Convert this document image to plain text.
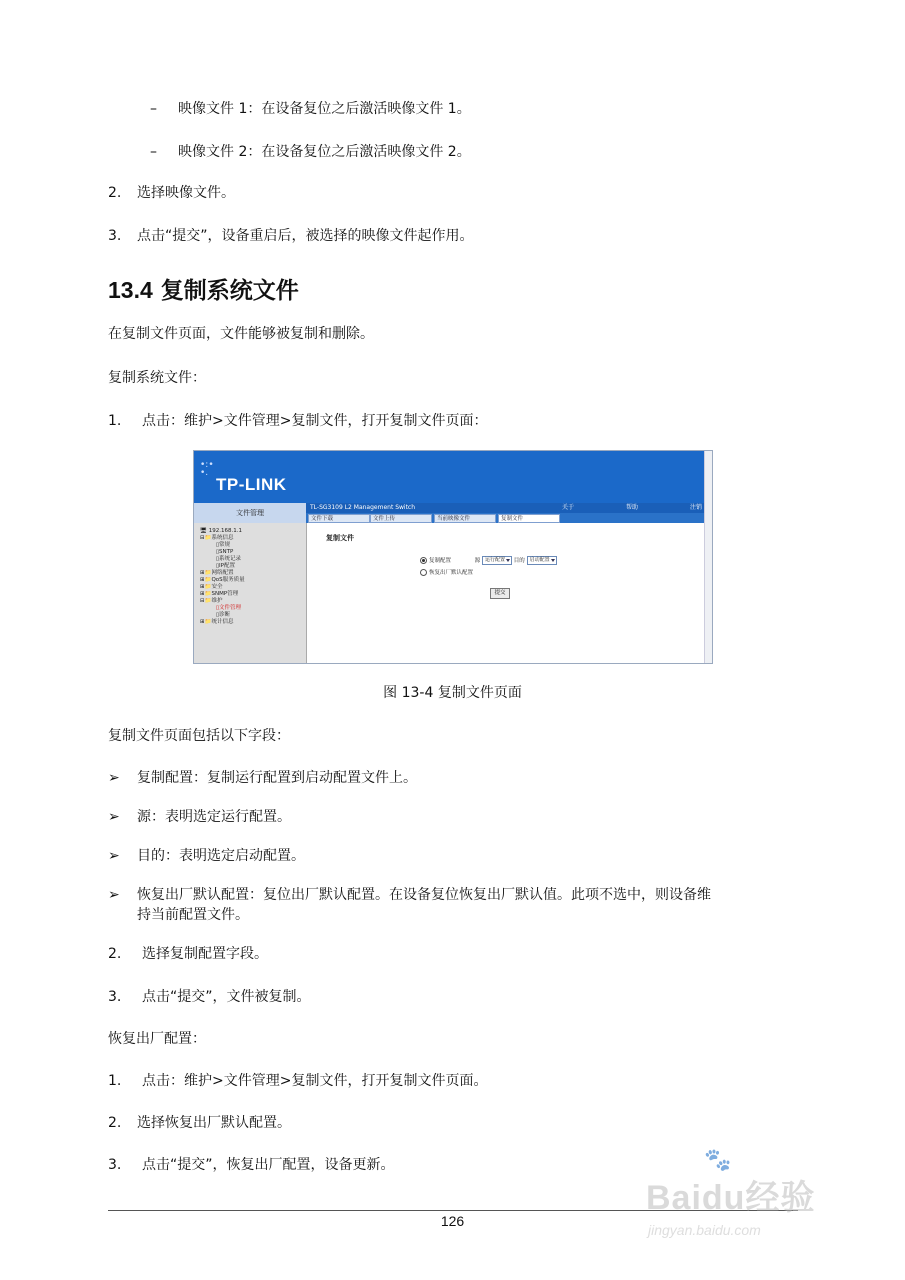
–	映像文件 1：在设备复位之后激活映像文件 1。
–	映像文件 2：在设备复位之后激活映像文件 2。
2.	选择映像文件。
3.	点击“提交”，设备重启后，被选择的映像文件起作用。
13.4 复制系统文件
在复制文件页面，文件能够被复制和删除。
复制系统文件：
1.	点击：维护>文件管理>复制文件，打开复制文件页面：
•:•
•.
TP-LINK
文件管理
TL-SG3109 L2 Management Switch	关于	帮助	注销
文件下载	文件上传	当前映像文件	复制文件
🖥 192.168.1.1
⊟📁系统信息
▯常规
▯SNTP
▯系统记录
▯IP配置
⊞📁网络配置
⊞📁QoS服务质量
⊞📁安全
⊞📁SNMP管理
⊟📁维护
▯文件管理
▯诊断
⊞📁统计信息
复制文件
复制配置	源 运行配置 目的 启动配置
恢复出厂默认配置
提交
图 13-4 复制文件页面
复制文件页面包括以下字段：
➢	复制配置：复制运行配置到启动配置文件上。
➢	源：表明选定运行配置。
➢	目的：表明选定启动配置。
➢	恢复出厂默认配置：复位出厂默认配置。在设备复位恢复出厂默认值。此项不选中，则设备维
持当前配置文件。
2.	选择复制配置字段。
3.	点击“提交”，文件被复制。
恢复出厂配置：
1.	点击：维护>文件管理>复制文件，打开复制文件页面。
2.	选择恢复出厂默认配置。
3.	点击“提交”，恢复出厂配置，设备更新。
126
🐾
Baidu经验
jingyan.baidu.com
